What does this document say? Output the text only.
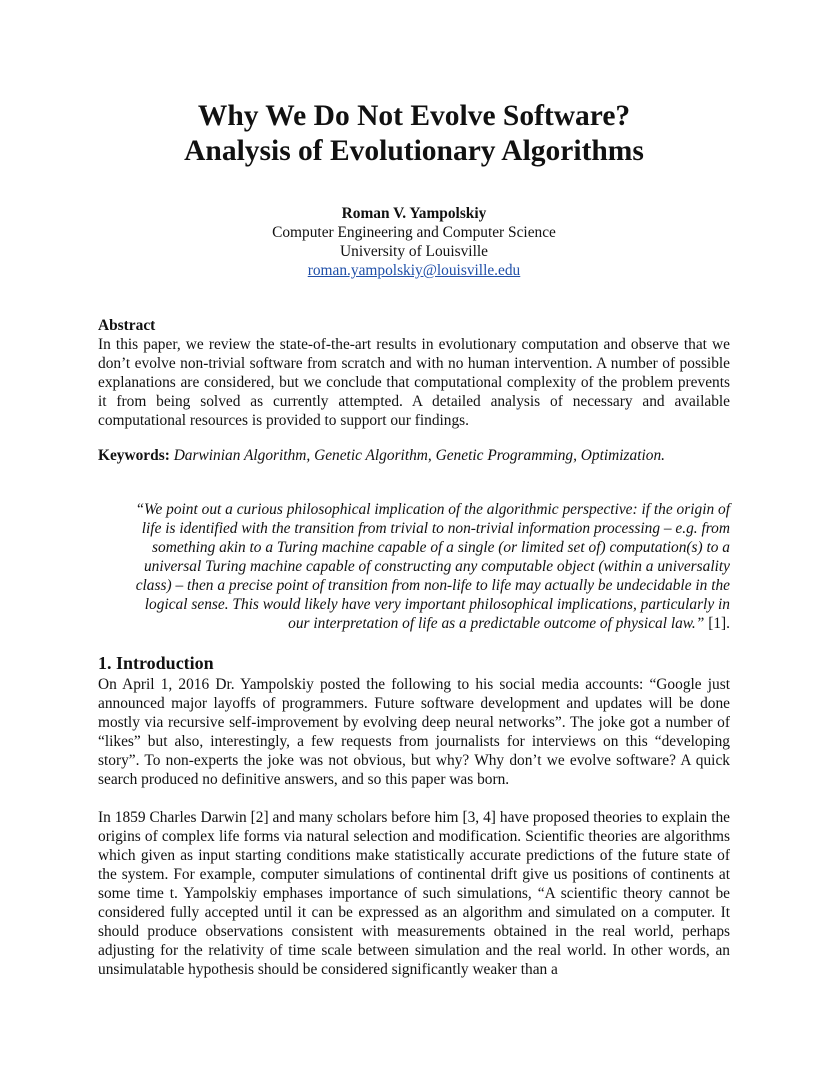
Why We Do Not Evolve Software?
Analysis of Evolutionary Algorithms
Roman V. Yampolskiy
Computer Engineering and Computer Science
University of Louisville
roman.yampolskiy@louisville.edu
Abstract
In this paper, we review the state-of-the-art results in evolutionary computation and observe that we don’t evolve non-trivial software from scratch and with no human intervention. A number of possible explanations are considered, but we conclude that computational complexity of the problem prevents it from being solved as currently attempted. A detailed analysis of necessary and available computational resources is provided to support our findings.
Keywords: Darwinian Algorithm, Genetic Algorithm, Genetic Programming, Optimization.
“We point out a curious philosophical implication of the algorithmic perspective: if the origin of
life is identified with the transition from trivial to non-trivial information processing – e.g. from
something akin to a Turing machine capable of a single (or limited set of) computation(s) to a
universal Turing machine capable of constructing any computable object (within a universality
class) – then a precise point of transition from non-life to life may actually be undecidable in the
logical sense. This would likely have very important philosophical implications, particularly in
our interpretation of life as a predictable outcome of physical law.” [1].
1. Introduction
On April 1, 2016 Dr. Yampolskiy posted the following to his social media accounts: “Google just announced major layoffs of programmers. Future software development and updates will be done mostly via recursive self-improvement by evolving deep neural networks”. The joke got a number of “likes” but also, interestingly, a few requests from journalists for interviews on this “developing story”. To non-experts the joke was not obvious, but why? Why don’t we evolve software? A quick search produced no definitive answers, and so this paper was born.
In 1859 Charles Darwin [2] and many scholars before him [3, 4] have proposed theories to explain the origins of complex life forms via natural selection and modification. Scientific theories are algorithms which given as input starting conditions make statistically accurate predictions of the future state of the system. For example, computer simulations of continental drift give us positions of continents at some time t. Yampolskiy emphases importance of such simulations, “A scientific theory cannot be considered fully accepted until it can be expressed as an algorithm and simulated on a computer. It should produce observations consistent with measurements obtained in the real world, perhaps adjusting for the relativity of time scale between simulation and the real world. In other words, an unsimulatable hypothesis should be considered significantly weaker than a
